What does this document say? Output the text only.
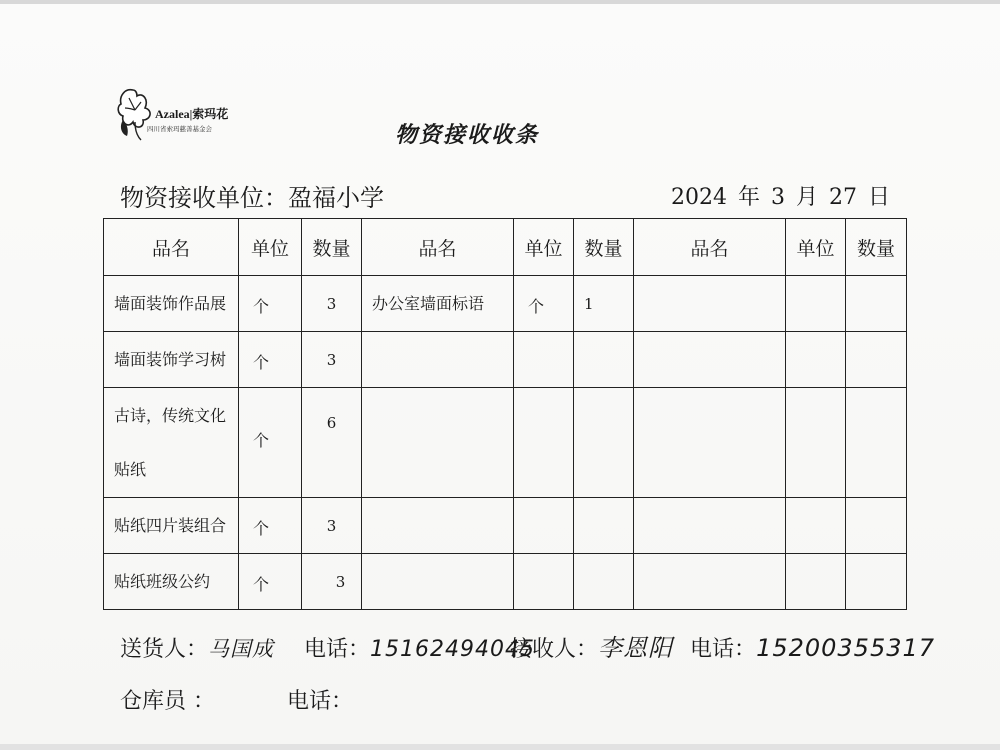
Azalea|索玛花
四川省索玛慈善基金会	物资接收收条
物资接收单位：盈福小学	2024 年 3 月 27 日
品名	单位	数量	品名	单位	数量	品名	单位	数量
墙面装饰作品展	个	3	办公室墙面标语	个	1			
墙面装饰学习树	个	3						
古诗，传统文化
贴纸	个	6						
贴纸四片装组合	个	3						
贴纸班级公约	个	3						
送货人：马国成 电话：15162494045接收人：李恩阳 电话：15200355317
仓库员 ：	电话：
